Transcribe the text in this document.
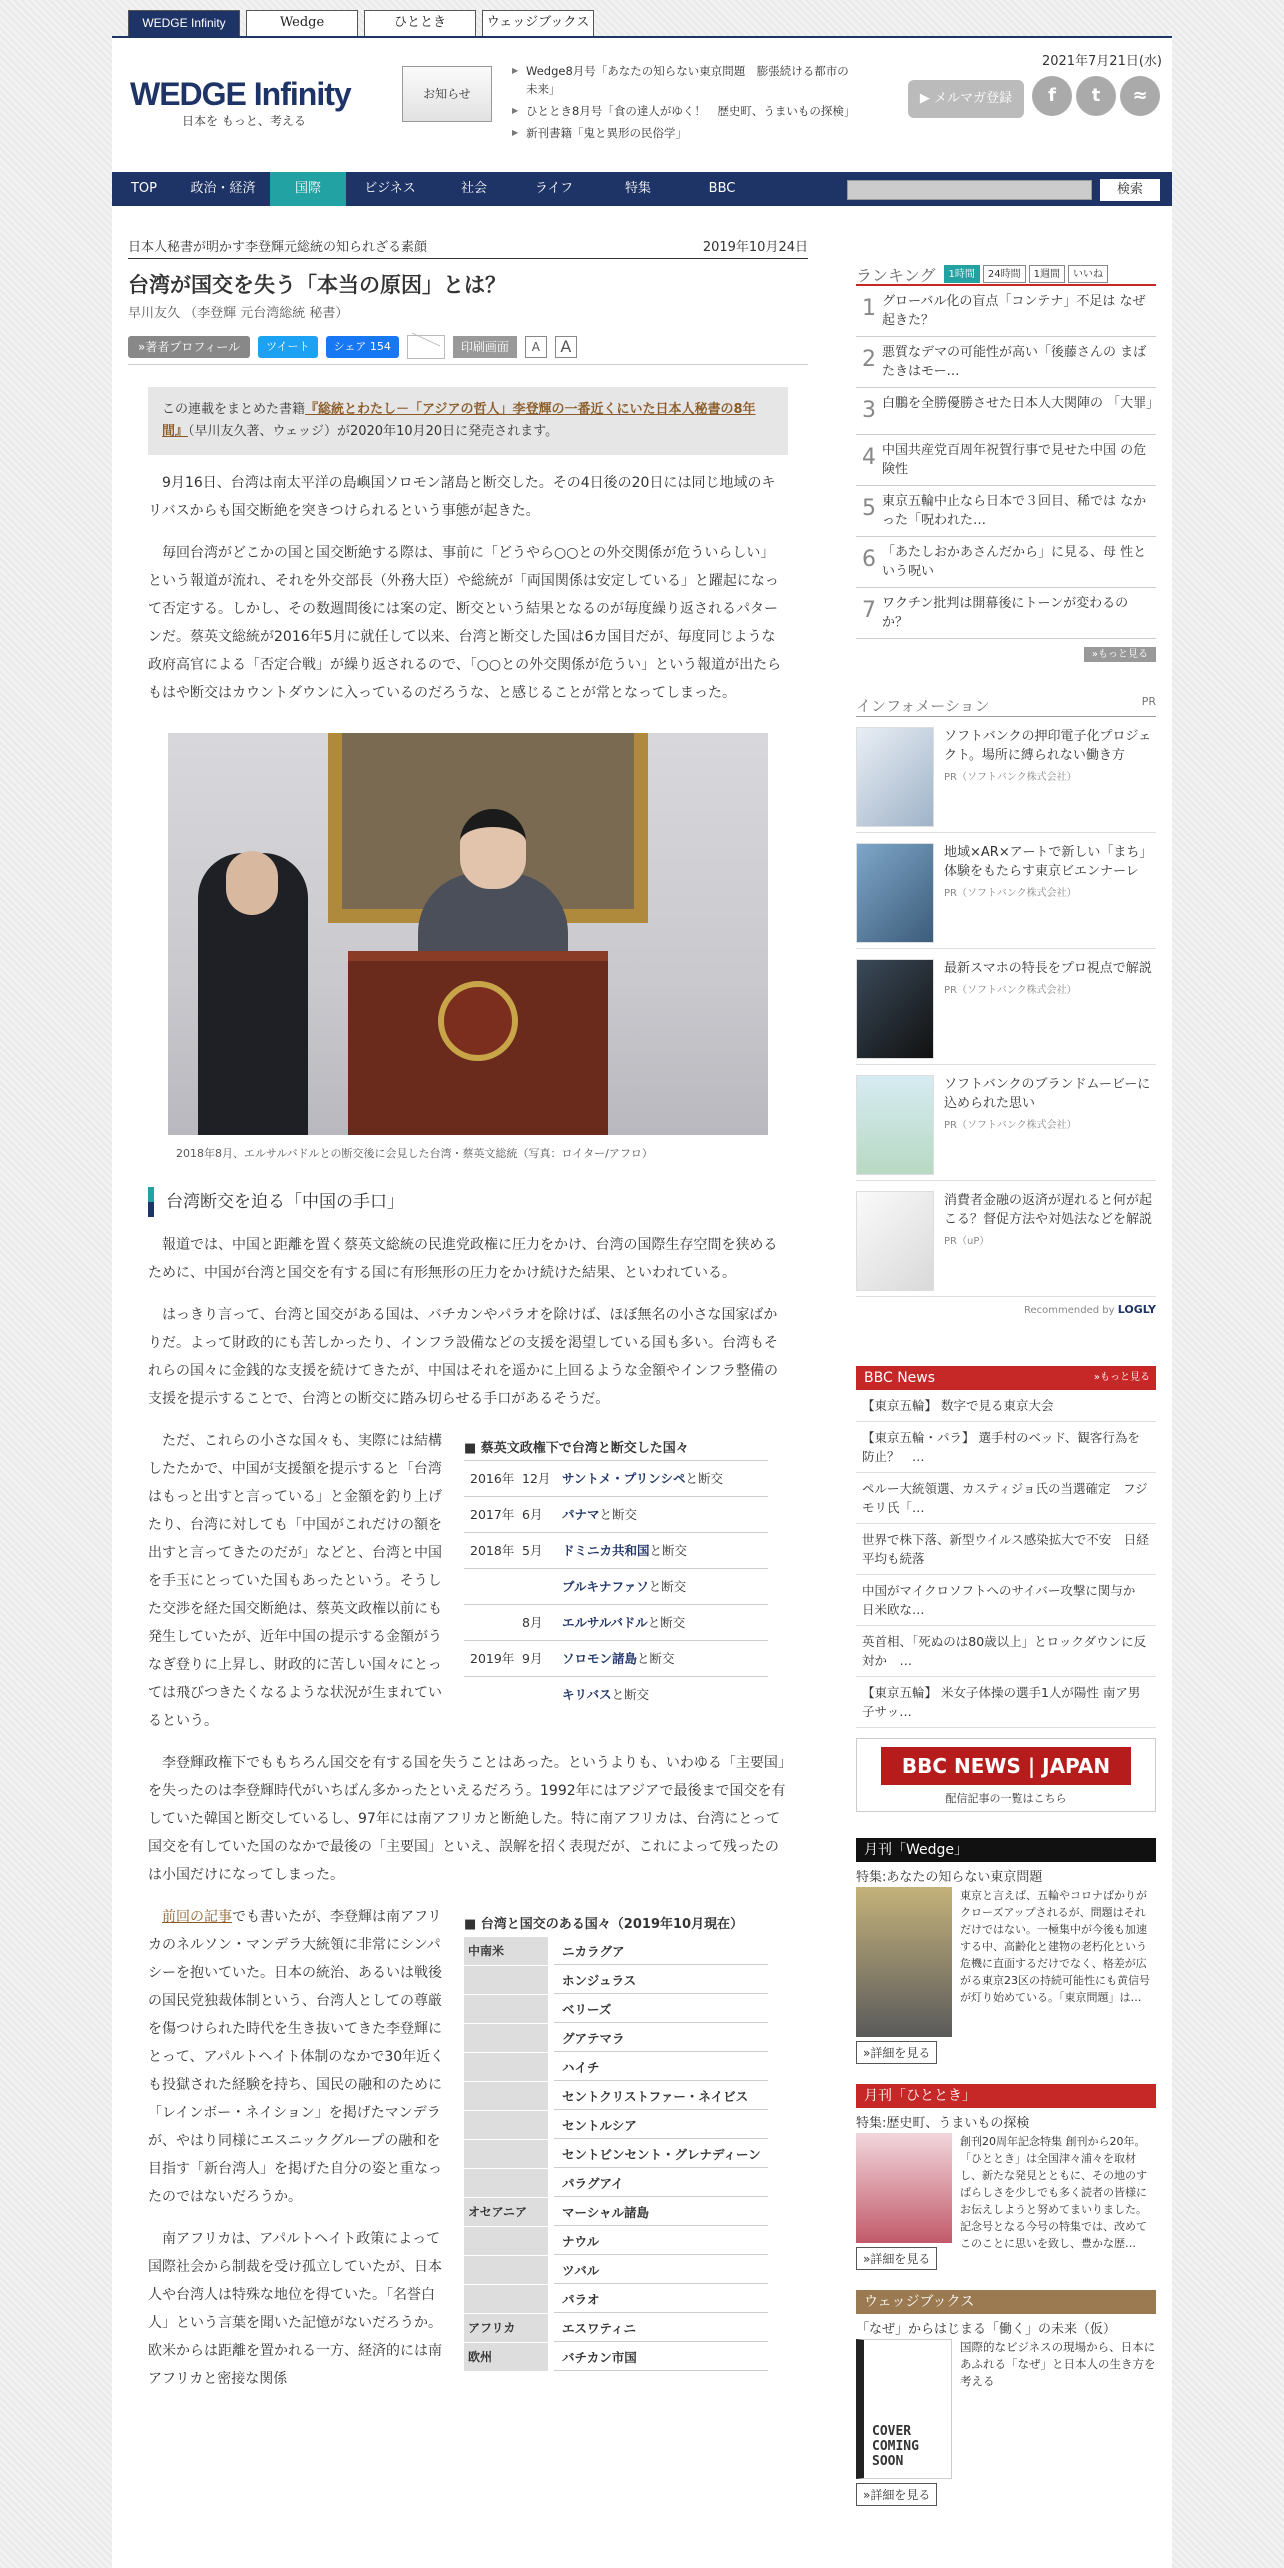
WEDGE Infinity	Wedge	ひととき	ウェッジブックス
WEDGE Infinity
日本を もっと、考える
お知らせ
▶ Wedge8月号「あなたの知らない東京問題　膨張続ける都市の未来」
▶ ひととき8月号「食の達人がゆく！　歴史町、うまいもの探検」
▶ 新刊書籍「鬼と異形の民俗学」
2021年7月21日(水)
▶ メルマガ登録	f	t	≈
TOP	政治・経済	国際	ビジネス	社会	ライフ	特集	BBC	検索
日本人秘書が明かす李登輝元総統の知られざる素顔	2019年10月24日
台湾が国交を失う「本当の原因」とは？
早川友久 （李登輝 元台湾総統 秘書）
»著者プロフィール	ツイート	シェア 154	印刷画面	A	A
この連載をまとめた書籍『総統とわたし－「アジアの哲人」李登輝の一番近くにいた日本人秘書の8年間』（早川友久著、ウェッジ）が2020年10月20日に発売されます。

9月16日、台湾は南太平洋の島嶼国ソロモン諸島と断交した。その4日後の20日には同じ地域のキリバスからも国交断絶を突きつけられるという事態が起きた。

毎回台湾がどこかの国と国交断絶する際は、事前に「どうやら○○との外交関係が危ういらしい」という報道が流れ、それを外交部長（外務大臣）や総統が「両国関係は安定している」と躍起になって否定する。しかし、その数週間後には案の定、断交という結果となるのが毎度繰り返されるパターンだ。蔡英文総統が2016年5月に就任して以来、台湾と断交した国は6カ国目だが、毎度同じような政府高官による「否定合戦」が繰り返されるので、「○○との外交関係が危うい」という報道が出たらもはや断交はカウントダウンに入っているのだろうな、と感じることが常となってしまった。

2018年8月、エルサルバドルとの断交後に会見した台湾・蔡英文総統（写真：ロイター/アフロ）
台湾断交を迫る「中国の手口」

報道では、中国と距離を置く蔡英文総統の民進党政権に圧力をかけ、台湾の国際生存空間を狭めるために、中国が台湾と国交を有する国に有形無形の圧力をかけ続けた結果、といわれている。

はっきり言って、台湾と国交がある国は、バチカンやパラオを除けば、ほぼ無名の小さな国家ばかりだ。よって財政的にも苦しかったり、インフラ設備などの支援を渇望している国も多い。台湾もそれらの国々に金銭的な支援を続けてきたが、中国はそれを遥かに上回るような金額やインフラ整備の支援を提示することで、台湾との断交に踏み切らせる手口があるそうだ。

ただ、これらの小さな国々も、実際には結構したたかで、中国が支援額を提示すると「台湾はもっと出すと言っている」と金額を釣り上げたり、台湾に対しても「中国がこれだけの額を出すと言ってきたのだが」などと、台湾と中国を手玉にとっていた国もあったという。そうした交渉を経た国交断絶は、蔡英文政権以前にも発生していたが、近年中国の提示する金額がうなぎ登りに上昇し、財政的に苦しい国々にとっては飛びつきたくなるような状況が生まれているという。
■ 蔡英文政権下で台湾と断交した国々
2016年 12月 サントメ・プリンシペと断交
2017年 6月	パナマと断交
2018年 5月	ドミニカ共和国と断交
ブルキナファソと断交
8月	エルサルバドルと断交
2019年 9月	ソロモン諸島と断交
キリバスと断交

李登輝政権下でももちろん国交を有する国を失うことはあった。というよりも、いわゆる「主要国」を失ったのは李登輝時代がいちばん多かったといえるだろう。1992年にはアジアで最後まで国交を有していた韓国と断交しているし、97年には南アフリカと断絶した。特に南アフリカは、台湾にとって国交を有していた国のなかで最後の「主要国」といえ、誤解を招く表現だが、これによって残ったのは小国だけになってしまった。

前回の記事でも書いたが、李登輝は南アフリカのネルソン・マンデラ大統領に非常にシンパシーを抱いていた。日本の統治、あるいは戦後の国民党独裁体制という、台湾人としての尊厳を傷つけられた時代を生き抜いてきた李登輝にとって、アパルトヘイト体制のなかで30年近くも投獄された経験を持ち、国民の融和のために「レインボー・ネイション」を掲げたマンデラが、やはり同様にエスニックグループの融和を目指す「新台湾人」を掲げた自分の姿と重なったのではないだろうか。
南アフリカは、アパルトヘイト政策によって国際社会から制裁を受け孤立していたが、日本人や台湾人は特殊な地位を得ていた。「名誉白人」という言葉を聞いた記憶がないだろうか。欧米からは距離を置かれる一方、経済的には南アフリカと密接な関係
■ 台湾と国交のある国々（2019年10月現在）
中南米	ニカラグア
ホンジュラス
ベリーズ
グアテマラ
ハイチ
セントクリストファー・ネイビス
セントルシア
セントビンセント・グレナディーン
パラグアイ
オセアニア	マーシャル諸島
ナウル
ツバル
パラオ
アフリカ	エスワティニ
欧州	バチカン市国
ランキング	1時間	24時間	1週間	いいね
1 グローバル化の盲点「コンテナ」不足は なぜ起きた？
2 悪質なデマの可能性が高い「後藤さんの まばたきはモー…
3 白鵬を全勝優勝させた日本人大関陣の 「大罪」
4 中国共産党百周年祝賀行事で見せた中国 の危険性
5 東京五輪中止なら日本で３回目、稀では なかった「呪われた…
6 「あたしおかあさんだから」に見る、母 性という呪い
7 ワクチン批判は開幕後にトーンが変わるの か？
»もっと見る
インフォメーション	PR
ソフトバンクの押印電子化プロジェクト。場所に縛られない働き方
PR（ソフトバンク株式会社）
地域×AR×アートで新しい「まち」体験をもたらす東京ビエンナーレ
PR（ソフトバンク株式会社）
最新スマホの特長をプロ視点で解説
PR（ソフトバンク株式会社）
ソフトバンクのブランドムービーに込められた思い
PR（ソフトバンク株式会社）
消費者金融の返済が遅れると何が起こる？督促方法や対処法などを解説
PR（uP）
Recommended by LOGLY
BBC News	»もっと見る
【東京五輪】 数字で見る東京大会
【東京五輪・パラ】 選手村のベッド、観客行為を防止？　…
ペルー大統領選、カスティジョ氏の当選確定　フジモリ氏「…
世界で株下落、新型ウイルス感染拡大で不安　日経平均も続落
中国がマイクロソフトへのサイバー攻撃に関与か　日米欧な…
英首相、「死ぬのは80歳以上」とロックダウンに反対か　…
【東京五輪】 米女子体操の選手1人が陽性 南ア男子サッ…
BBC NEWS | JAPAN
配信記事の一覧はこちら
月刊「Wedge」
特集:あなたの知らない東京問題
»詳細を見る
東京と言えば、五輪やコロナばかりがクローズアップされるが、問題はそれだけではない。一極集中が今後も加速する中、高齢化と建物の老朽化という危機に直面するだけでなく、格差が広がる東京23区の持続可能性にも黄信号が灯り始めている。「東京問題」は…
月刊「ひととき」
特集:歴史町、うまいもの探検
»詳細を見る
創刊20周年記念特集 創刊から20年。「ひととき」は全国津々浦々を取材し、新たな発見とともに、その地のすばらしさを少しでも多く読者の皆様にお伝えしようと努めてまいりました。記念号となる今号の特集では、改めてこのことに思いを致し、豊かな歴…
ウェッジブックス
「なぜ」からはじまる「働く」の未来（仮）
COVER COMING SOON
»詳細を見る
国際的なビジネスの現場から、日本にあふれる「なぜ」と日本人の生き方を考える
